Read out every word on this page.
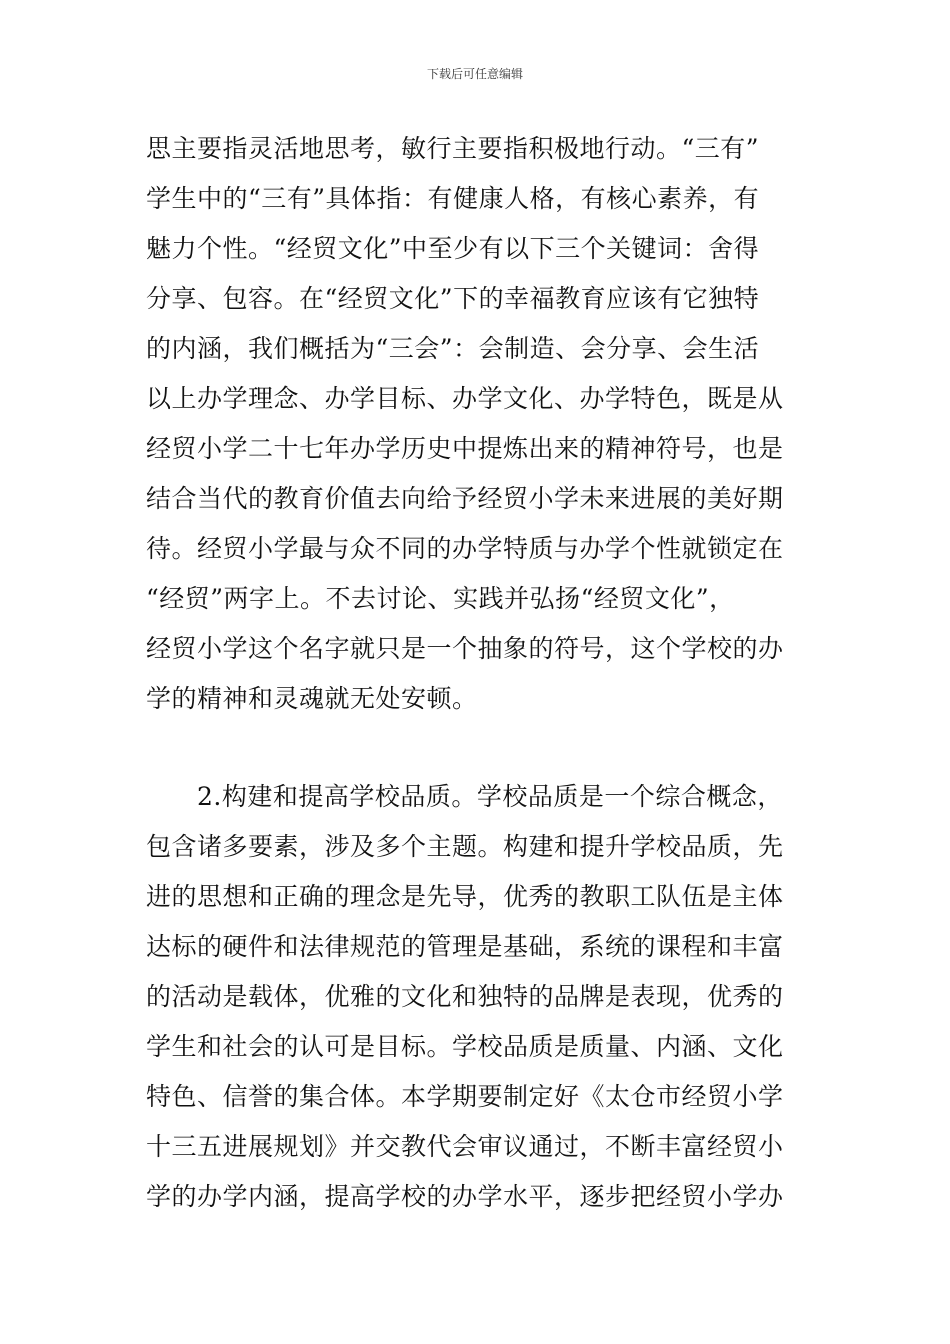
下载后可任意编辑
思主要指灵活地思考，敏行主要指积极地行动。“三有”
学生中的“三有”具体指：有健康人格，有核心素养，有
魅力个性。“经贸文化”中至少有以下三个关键词：舍得
分享、包容。在“经贸文化”下的幸福教育应该有它独特
的内涵，我们概括为“三会”：会制造、会分享、会生活
以上办学理念、办学目标、办学文化、办学特色，既是从
经贸小学二十七年办学历史中提炼出来的精神符号，也是
结合当代的教育价值去向给予经贸小学未来进展的美好期
待。经贸小学最与众不同的办学特质与办学个性就锁定在
“经贸”两字上。不去讨论、实践并弘扬“经贸文化”，
经贸小学这个名字就只是一个抽象的符号，这个学校的办
学的精神和灵魂就无处安顿。
　　2.构建和提高学校品质。学校品质是一个综合概念，
包含诸多要素，涉及多个主题。构建和提升学校品质，先
进的思想和正确的理念是先导，优秀的教职工队伍是主体
达标的硬件和法律规范的管理是基础，系统的课程和丰富
的活动是载体，优雅的文化和独特的品牌是表现，优秀的
学生和社会的认可是目标。学校品质是质量、内涵、文化
特色、信誉的集合体。本学期要制定好《太仓市经贸小学
十三五进展规划》并交教代会审议通过，不断丰富经贸小
学的办学内涵，提高学校的办学水平，逐步把经贸小学办
